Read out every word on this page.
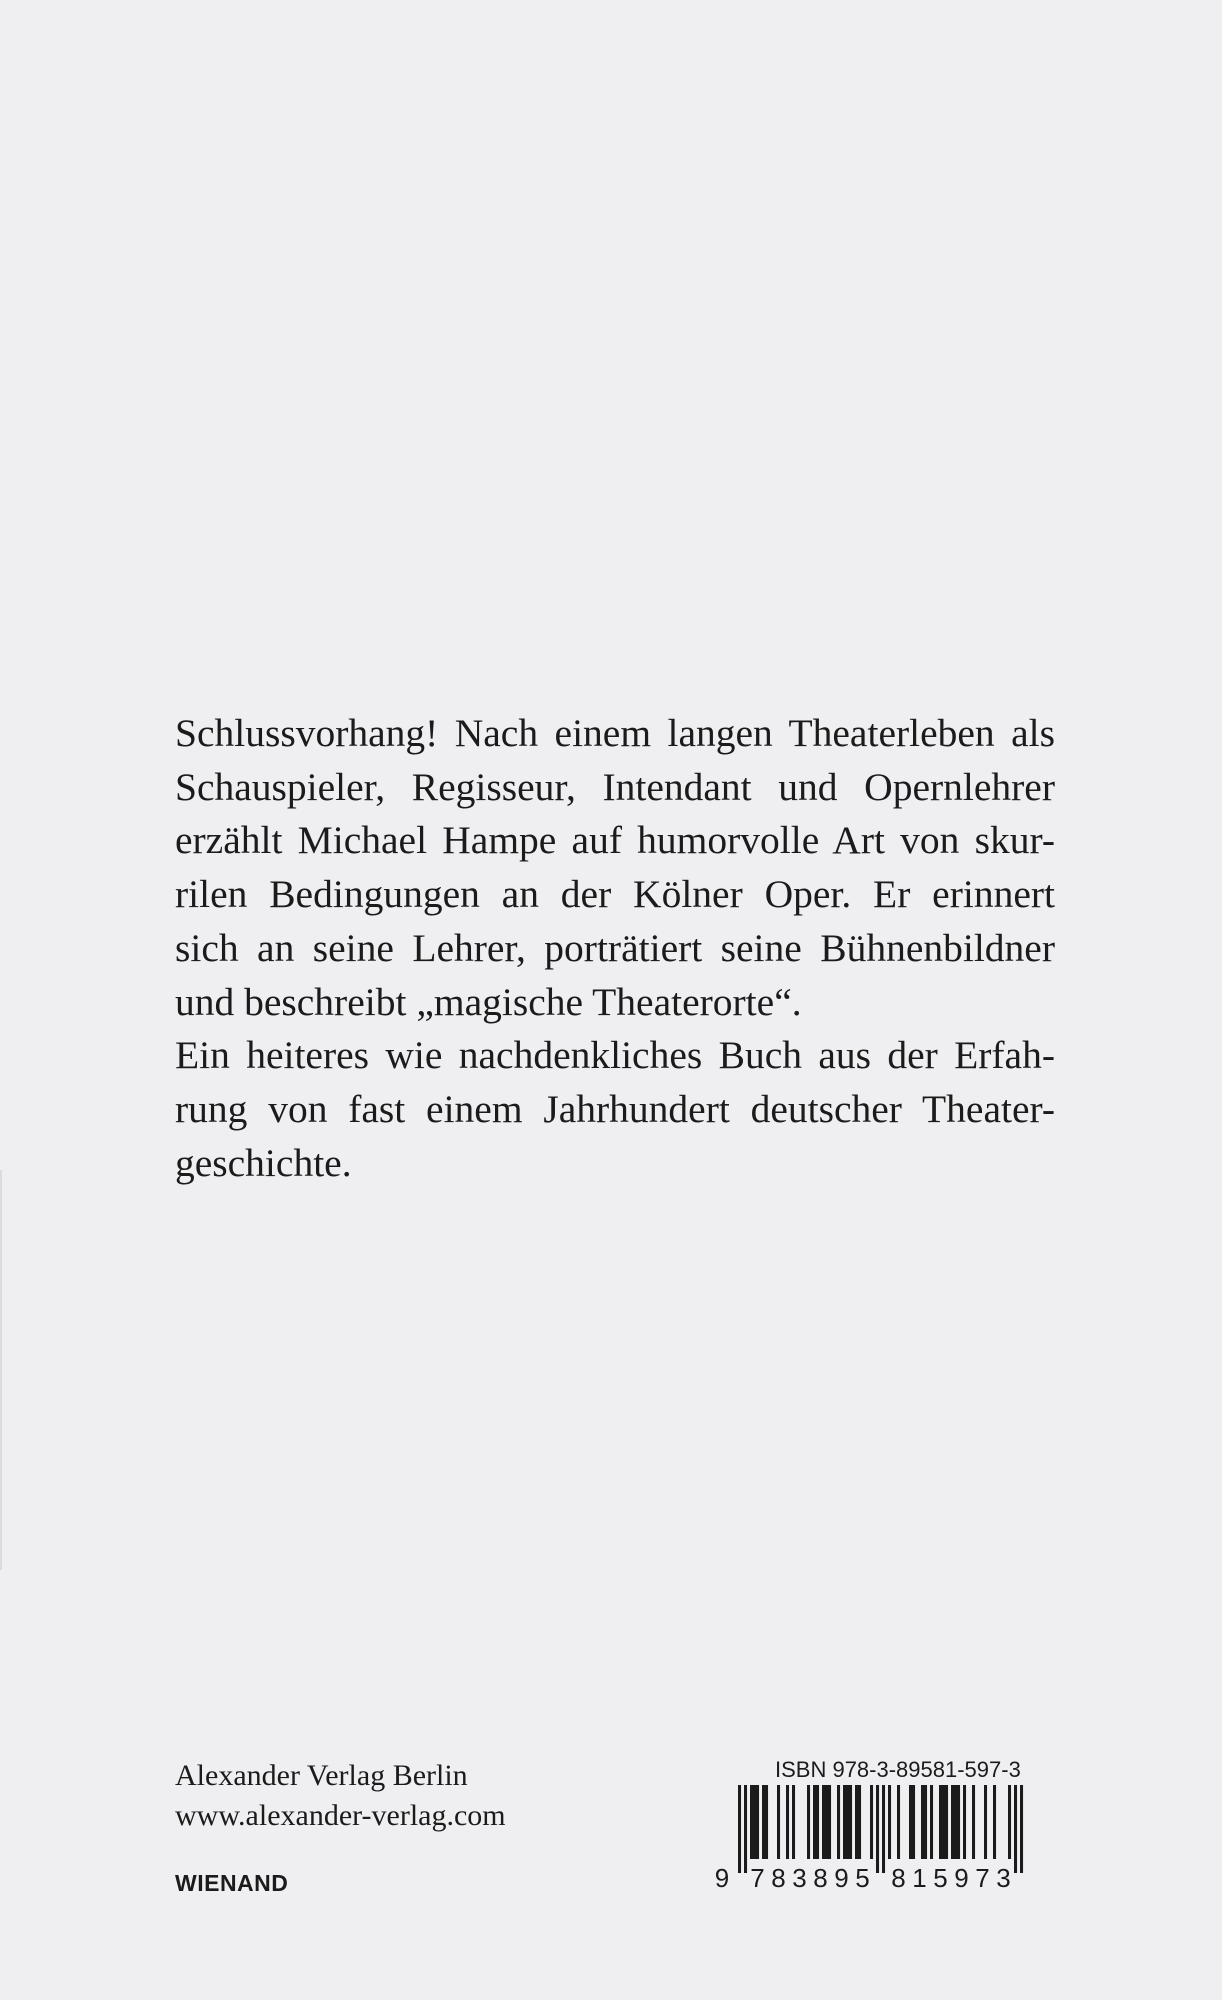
Schlussvorhang! Nach einem langen Theaterleben als
Schauspieler, Regisseur, Intendant und Opernlehrer
erzählt Michael Hampe auf humorvolle Art von skur-
rilen Bedingungen an der Kölner Oper. Er erinnert
sich an seine Lehrer, porträtiert seine Bühnenbildner
und beschreibt „magische Theaterorte“.
Ein heiteres wie nachdenkliches Buch aus der Erfah-
rung von fast einem Jahrhundert deutscher Theater-
geschichte.
Alexander Verlag Berlin
www.alexander-verlag.com
WIENAND
ISBN 978-3-89581-597-3
9 7 8 3 8 9 5 8 1 5 9 7 3
